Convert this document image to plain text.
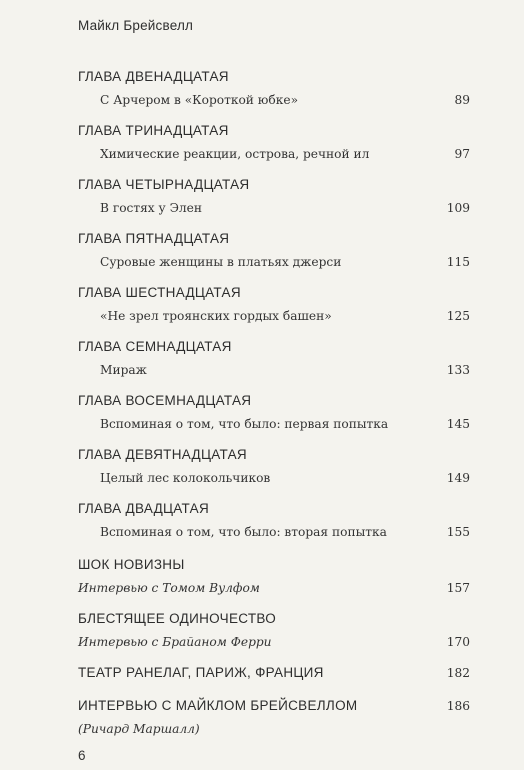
Майкл Брейсвелл
ГЛАВА ДВЕНАДЦАТАЯ
С Арчером в «Короткой юбке»	89
ГЛАВА ТРИНАДЦАТАЯ
Химические реакции, острова, речной ил	97
ГЛАВА ЧЕТЫРНАДЦАТАЯ
В гостях у Элен	109
ГЛАВА ПЯТНАДЦАТАЯ
Суровые женщины в платьях джерси	115
ГЛАВА ШЕСТНАДЦАТАЯ
«Не зрел троянских гордых башен»	125
ГЛАВА СЕМНАДЦАТАЯ
Мираж	133
ГЛАВА ВОСЕМНАДЦАТАЯ
Вспоминая о том, что было: первая попытка	145
ГЛАВА ДЕВЯТНАДЦАТАЯ
Целый лес колокольчиков	149
ГЛАВА ДВАДЦАТАЯ
Вспоминая о том, что было: вторая попытка	155
ШОК НОВИЗНЫ
Интервью с Томом Вулфом	157
БЛЕСТЯЩЕЕ ОДИНОЧЕСТВО
Интервью с Брайаном Ферри	170
ТЕАТР РАНЕЛАГ, ПАРИЖ, ФРАНЦИЯ	182
ИНТЕРВЬЮ С МАЙКЛОМ БРЕЙСВЕЛЛОМ	186
(Ричард Маршалл)
6
